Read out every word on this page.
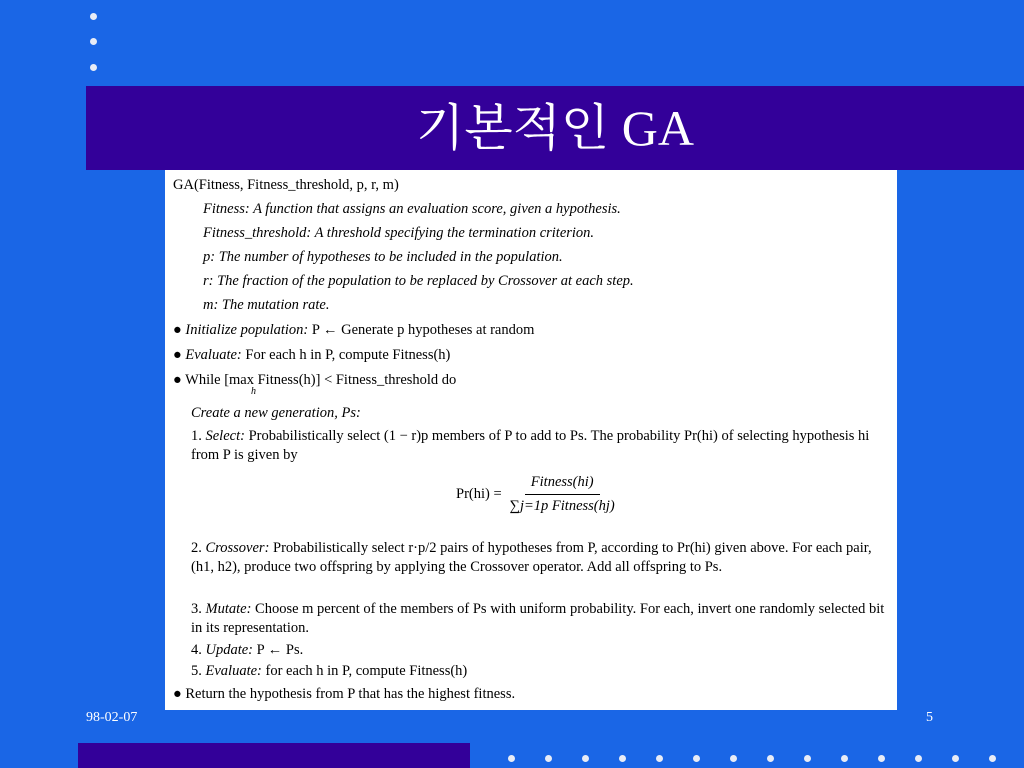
기본적인 GA
GA(Fitness, Fitness_threshold, p, r, m)
Fitness: A function that assigns an evaluation score, given a hypothesis.
Fitness_threshold: A threshold specifying the termination criterion.
p: The number of hypotheses to be included in the population.
r: The fraction of the population to be replaced by Crossover at each step.
m: The mutation rate.
● Initialize population: P ← Generate p hypotheses at random
● Evaluate: For each h in P, compute Fitness(h)
● While [max Fitness(h)] < Fitness_threshold do
h
Create a new generation, Ps:
1. Select: Probabilistically select (1 − r)p members of P to add to Ps. The probability Pr(hi) of selecting hypothesis hi from P is given by
$Pr(hi) = \frac{\text{Fitness(hi)}}{\text{∑j=1p Fitness(hj)}}$
2. Crossover: Probabilistically select r·p/2 pairs of hypotheses from P, according to Pr(hi) given above. For each pair, (h1, h2), produce two offspring by applying the Crossover operator. Add all offspring to Ps.
3. Mutate: Choose m percent of the members of Ps with uniform probability. For each, invert one randomly selected bit in its representation.
4. Update: P ← Ps.
5. Evaluate: for each h in P, compute Fitness(h)
● Return the hypothesis from P that has the highest fitness.
98-02-07	5
